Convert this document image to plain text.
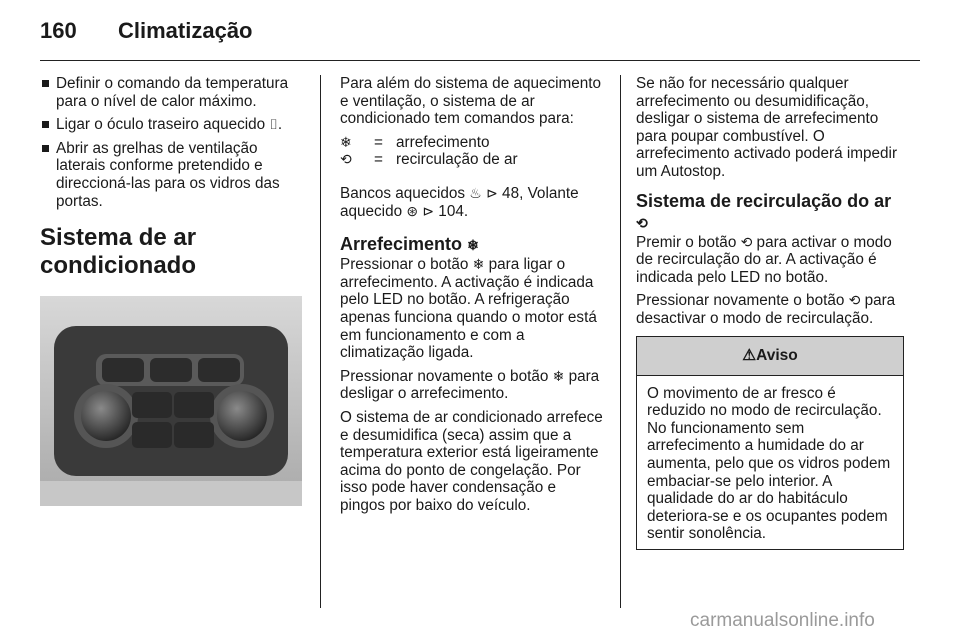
160 Climatização
Definir o comando da temperatura para o nível de calor máximo.
Ligar o óculo traseiro aquecido ⌷.
Abrir as grelhas de ventilação laterais conforme pretendido e direccioná-las para os vidros das portas.
Sistema de ar condicionado

Para além do sistema de aquecimento e ventilação, o sistema de ar condicionado tem comandos para:

❄	= arrefecimento
⟲	= recirculação de ar

Bancos aquecidos ♨ ⊳ 48, Volante aquecido ⊛ ⊳ 104.

Arrefecimento ❄

Pressionar o botão ❄ para ligar o arrefecimento. A activação é indicada pelo LED no botão. A refrigeração apenas funciona quando o motor está em funcionamento e com a climatização ligada.

Pressionar novamente o botão ❄ para desligar o arrefecimento.

O sistema de ar condicionado arrefece e desumidifica (seca) assim que a temperatura exterior está ligeiramente acima do ponto de congelação. Por isso pode haver condensação e pingos por baixo do veículo.

Se não for necessário qualquer arrefecimento ou desumidificação, desligar o sistema de arrefecimento para poupar combustível. O arrefecimento activado poderá impedir um Autostop.

Sistema de recirculação do ar ⟲

Premir o botão ⟲ para activar o modo de recirculação do ar. A activação é indicada pelo LED no botão.

Pressionar novamente o botão ⟲ para desactivar o modo de recirculação.

⚠Aviso
O movimento de ar fresco é reduzido no modo de recirculação. No funcionamento sem arrefecimento a humidade do ar aumenta, pelo que os vidros podem embaciar-se pelo interior. A qualidade do ar do habitáculo deteriora-se e os ocupantes podem sentir sonolência.
carmanualsonline.info
